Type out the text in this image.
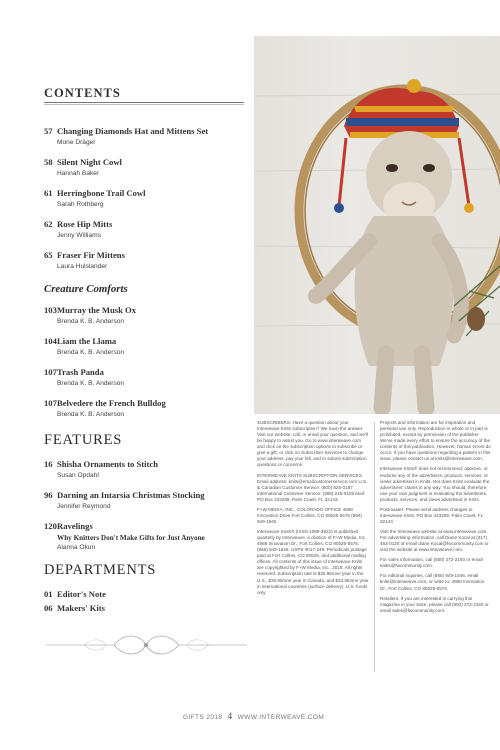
CONTENTS
57 Changing Diamonds Hat and Mittens Set
Mone Dräger
58 Silent Night Cowl
Hannah Baker
61 Herringbone Trail Cowl
Sarah Rothberg
62 Rose Hip Mitts
Jenny Williams
65 Fraser Fir Mittens
Laura Hulslander
Creature Comforts
103Murray the Musk Ox
Brenda K. B. Anderson
104Liam the Llama
Brenda K. B. Anderson
107Trash Panda
Brenda K. B. Anderson
107Belvedere the French Bulldog
Brenda K. B. Anderson
FEATURES
16 Shisha Ornaments to Stitch
Susan Opdahl
96 Darning an Intarsia Christmas Stocking
Jennifer Reymond
120Ravelings
Why Knitters Don't Make Gifts for Just Anyone
Alanna Okun
DEPARTMENTS
01 Editor's Note
06 Makers' Kits

SUBSCRIBERS: Have a question about your Interweave Knits subscription? We have the answer. Visit our website, call, or email your question, and we'll be happy to assist you. Go to www.interweave.com and click on the subscription options to subscribe or give a gift, or click on Subscriber Services to change your address, pay your bill, and to submit subscription questions or concerns.

INTERWEAVE KNITS SUBSCRIPTION SERVICES Email address: knits@emailcustomerservice.com U.S. & Canadian Customer Service: (800) 825-0187 International Customer Service: (386) 246-0105 Mail: PO Box 433289, Palm Coast, FL 32143

F+W MEDIA, INC., COLORADO OFFICE 4868 Innovation Drive Fort Collins, CO 80525-5576 (866) 949-1646

Interweave Knits® (ISSN 1088-3622) is published quarterly by Interweave, a division of F+W Media, Inc., 4868 Innovation Dr., Fort Collins, CO 80525-5576. (866) 949-1646. USPS #017-249. Periodicals postage paid at Fort Collins, CO 80525, and additional mailing offices. All contents of this issue of Interweave Knits are copyrighted by F+W Media, Inc., 2018. All rights reserved. Subscription rate is $26.95/one year in the U.S., $30.95/one year in Canada, and $33.95/one year in international countries (surface delivery). U.S. funds only.

Projects and information are for inspiration and personal use only. Reproduction in whole or in part is prohibited, except by permission of the publisher. We've made every effort to ensure the accuracy of the contents of this publication. However, human errors do occur. If you have questions regarding a pattern in this issue, please contact us at knits@interweave.com.

Interweave Knits® does not recommend, approve, or endorse any of the advertisers, products, services, or views advertised in Knits. Nor does Knits evaluate the advertisers' claims in any way. You should, therefore, use your own judgment in evaluating the advertisers, products, services, and views advertised in Knits.

Postmaster: Please send address changes to Interweave Knits, PO Box 433289, Palm Coast, FL 32143.

Visit the Interweave website at www.interweave.com. For advertising information, call Diane Kocal at (317) 482-0120 or email diane Kocal@fwcommunity.com or visit the website at www.interweave.com.

For sales information, call (800) 272-2193 or email sales@fwcommunity.com.

For editorial inquiries, call (866) 949-1646, email knits@interweave.com, or write to: 4868 Innovation Dr., Fort Collins, CO 80525-5576.

Retailers: If you are interested in carrying this magazine in your store, please call (800) 272-2193 or email sales@fwcommunity.com.

GIFTS 2018 4 WWW.INTERWEAVE.COM
